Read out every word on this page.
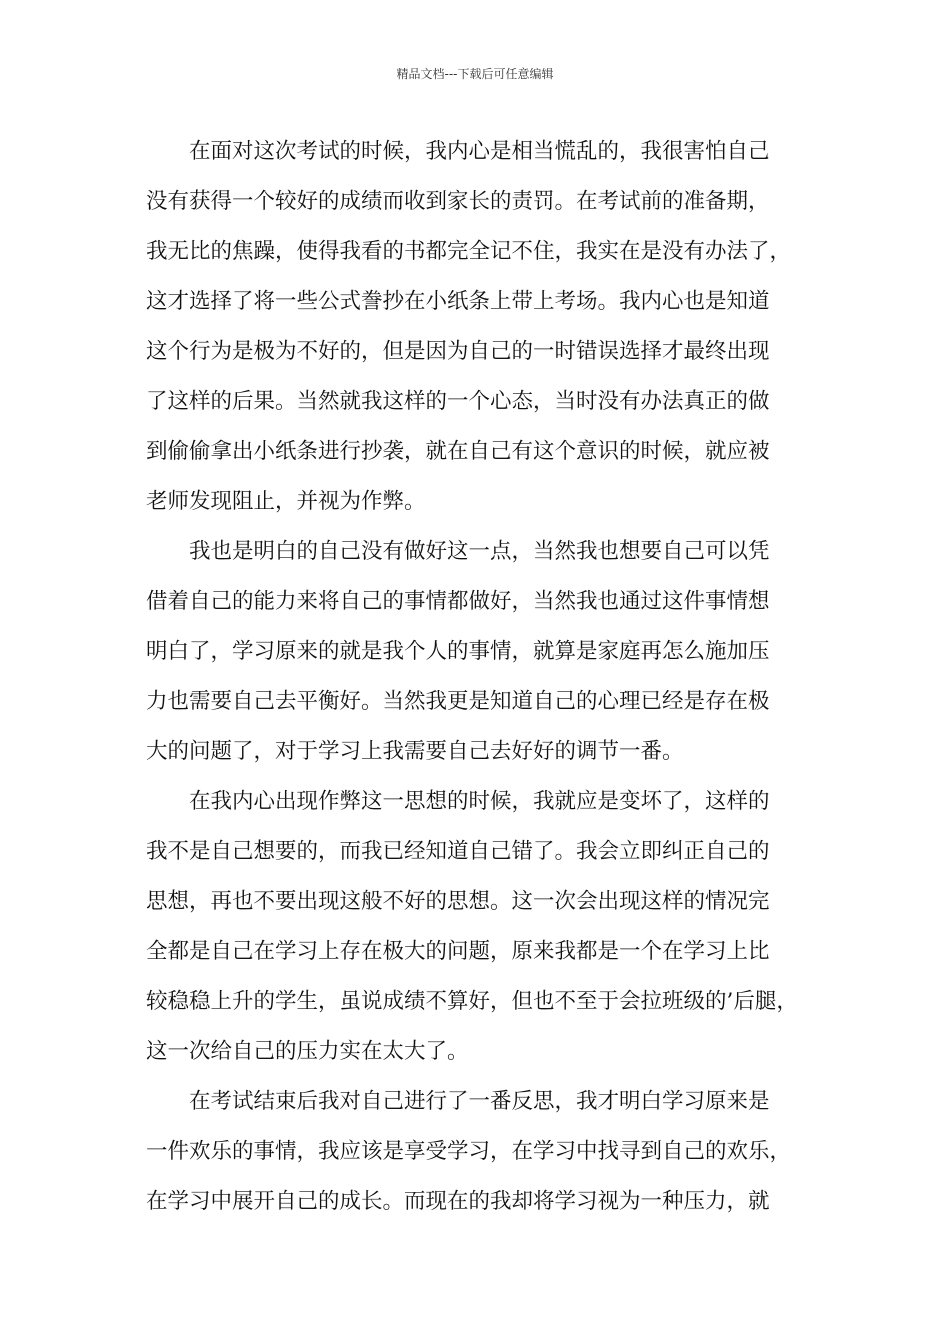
精品文档---下载后可任意编辑
在面对这次考试的时候，我内心是相当慌乱的，我很害怕自己
没有获得一个较好的成绩而收到家长的责罚。在考试前的准备期，
我无比的焦躁，使得我看的书都完全记不住，我实在是没有办法了，
这才选择了将一些公式誊抄在小纸条上带上考场。我内心也是知道
这个行为是极为不好的，但是因为自己的一时错误选择才最终出现
了这样的后果。当然就我这样的一个心态，当时没有办法真正的做
到偷偷拿出小纸条进行抄袭，就在自己有这个意识的时候，就应被
老师发现阻止，并视为作弊。
我也是明白的自己没有做好这一点，当然我也想要自己可以凭
借着自己的能力来将自己的事情都做好，当然我也通过这件事情想
明白了，学习原来的就是我个人的事情，就算是家庭再怎么施加压
力也需要自己去平衡好。当然我更是知道自己的心理已经是存在极
大的问题了，对于学习上我需要自己去好好的调节一番。
在我内心出现作弊这一思想的时候，我就应是变坏了，这样的
我不是自己想要的，而我已经知道自己错了。我会立即纠正自己的
思想，再也不要出现这般不好的思想。这一次会出现这样的情况完
全都是自己在学习上存在极大的问题，原来我都是一个在学习上比
较稳稳上升的学生，虽说成绩不算好，但也不至于会拉班级的’后腿，
这一次给自己的压力实在太大了。
在考试结束后我对自己进行了一番反思，我才明白学习原来是
一件欢乐的事情，我应该是享受学习，在学习中找寻到自己的欢乐，
在学习中展开自己的成长。而现在的我却将学习视为一种压力，就
